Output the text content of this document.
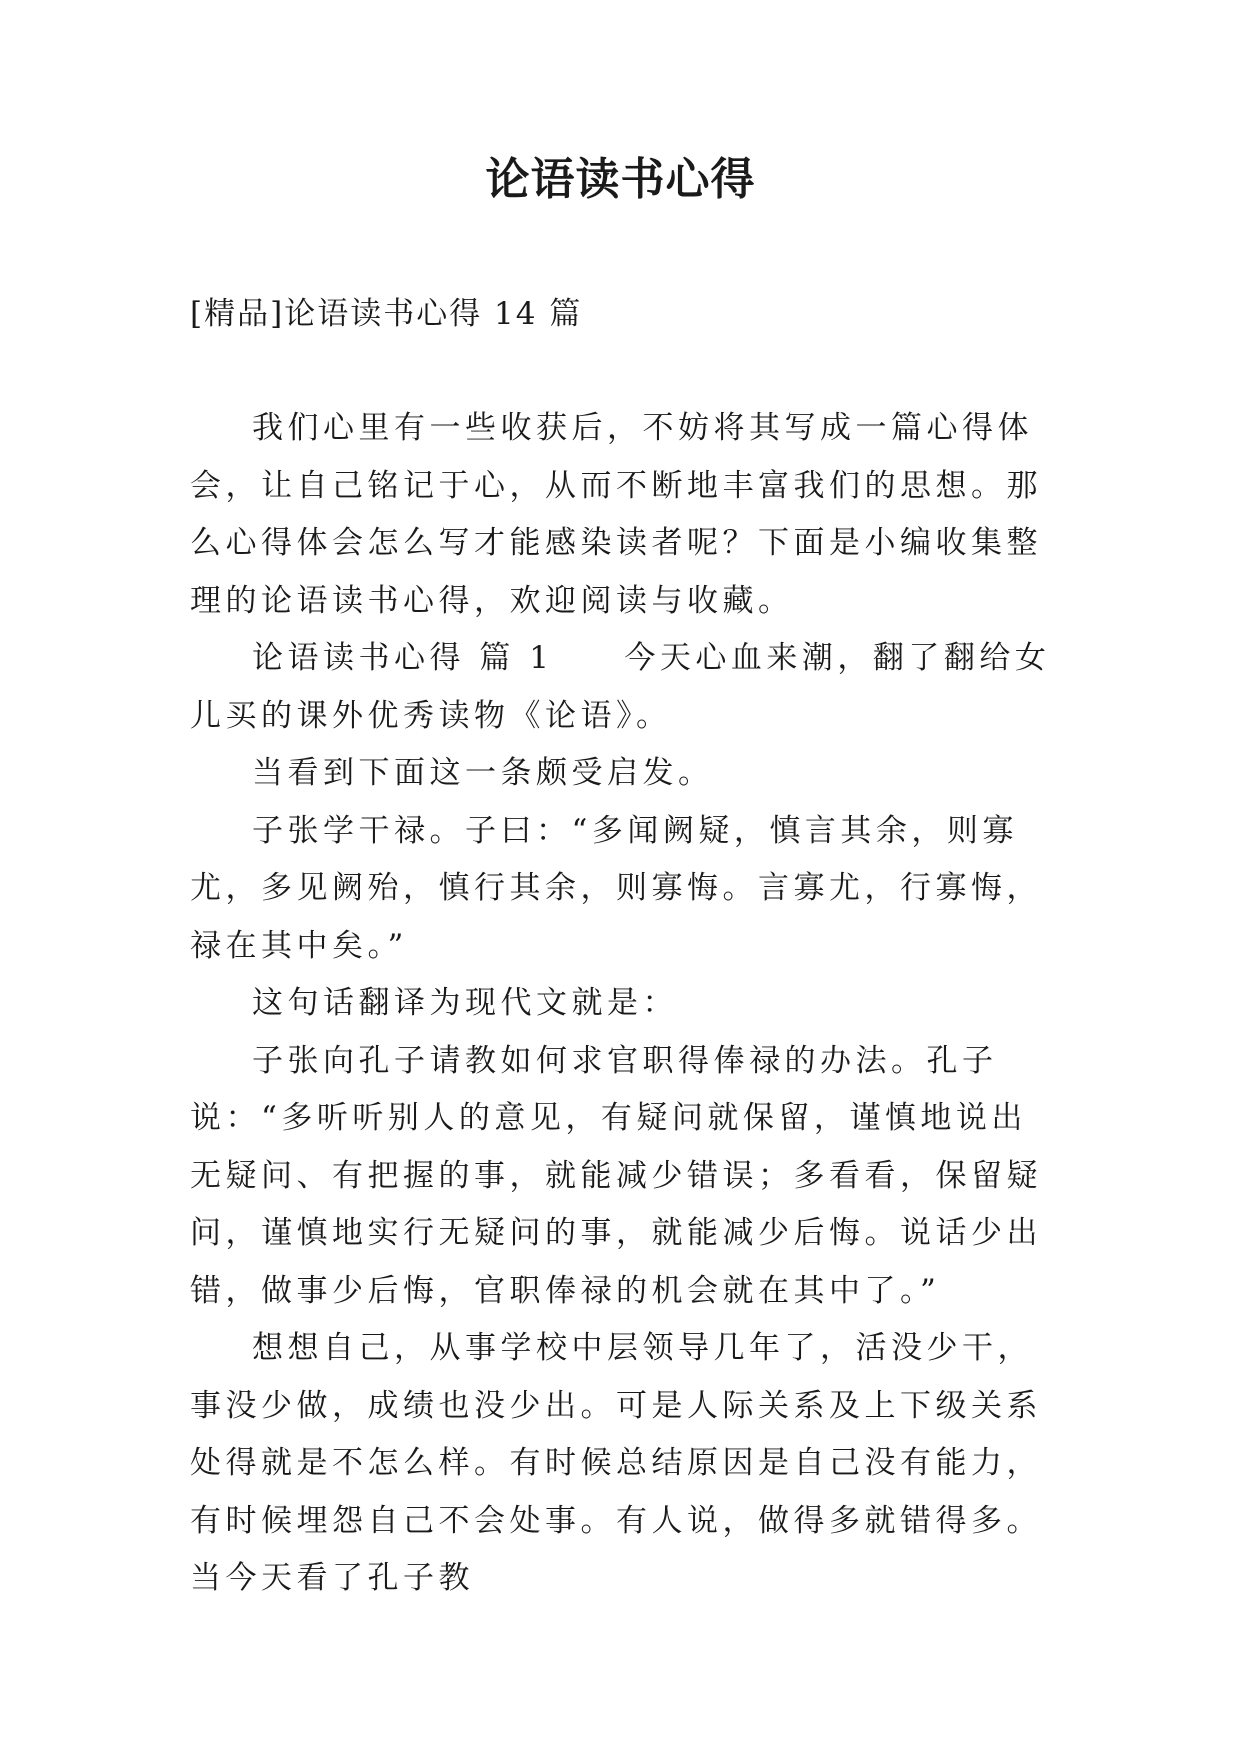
论语读书心得
[精品]论语读书心得 14 篇

我们心里有一些收获后，不妨将其写成一篇心得体会，让自己铭记于心，从而不断地丰富我们的思想。那么心得体会怎么写才能感染读者呢？下面是小编收集整理的论语读书心得，欢迎阅读与收藏。

论语读书心得 篇 1　　今天心血来潮，翻了翻给女儿买的课外优秀读物《论语》。

当看到下面这一条颇受启发。

子张学干禄。子曰：“多闻阙疑，慎言其余，则寡尤，多见阙殆，慎行其余，则寡悔。言寡尤，行寡悔，禄在其中矣。”

这句话翻译为现代文就是：

子张向孔子请教如何求官职得俸禄的办法。孔子说：“多听听别人的意见，有疑问就保留，谨慎地说出无疑问、有把握的事，就能减少错误；多看看，保留疑问，谨慎地实行无疑问的事，就能减少后悔。说话少出错，做事少后悔，官职俸禄的机会就在其中了。”

想想自己，从事学校中层领导几年了，活没少干，事没少做，成绩也没少出。可是人际关系及上下级关系处得就是不怎么样。有时候总结原因是自己没有能力，有时候埋怨自己不会处事。有人说，做得多就错得多。当今天看了孔子教
